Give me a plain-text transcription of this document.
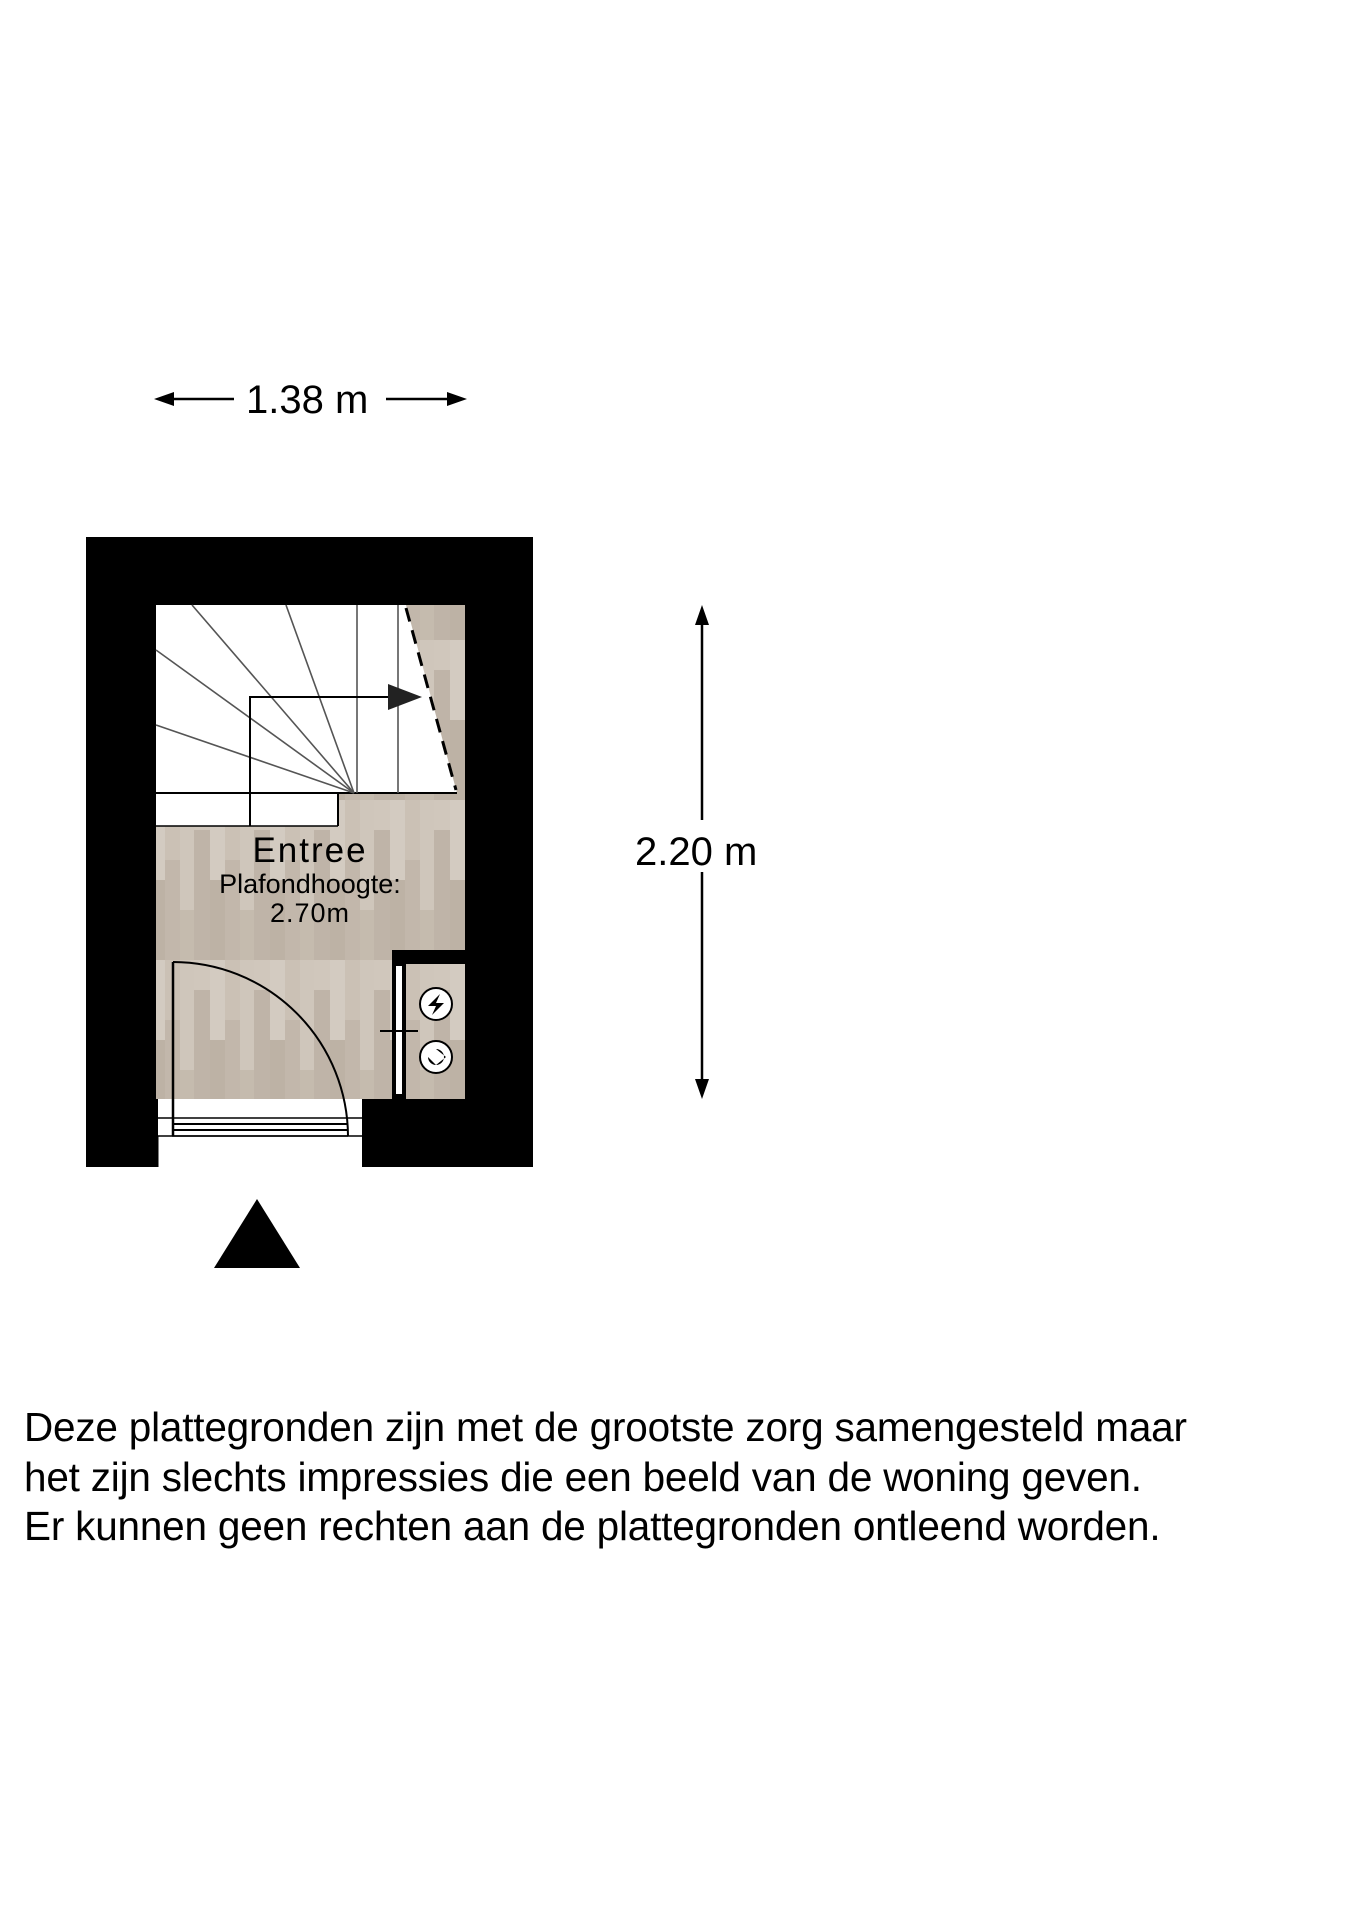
1.38 m
2.20 m
Entree
Plafondhoogte:
2.70m
Deze plattegronden zijn met de grootste zorg samengesteld maar
het zijn slechts impressies die een beeld van de woning geven.
Er kunnen geen rechten aan de plattegronden ontleend worden.
